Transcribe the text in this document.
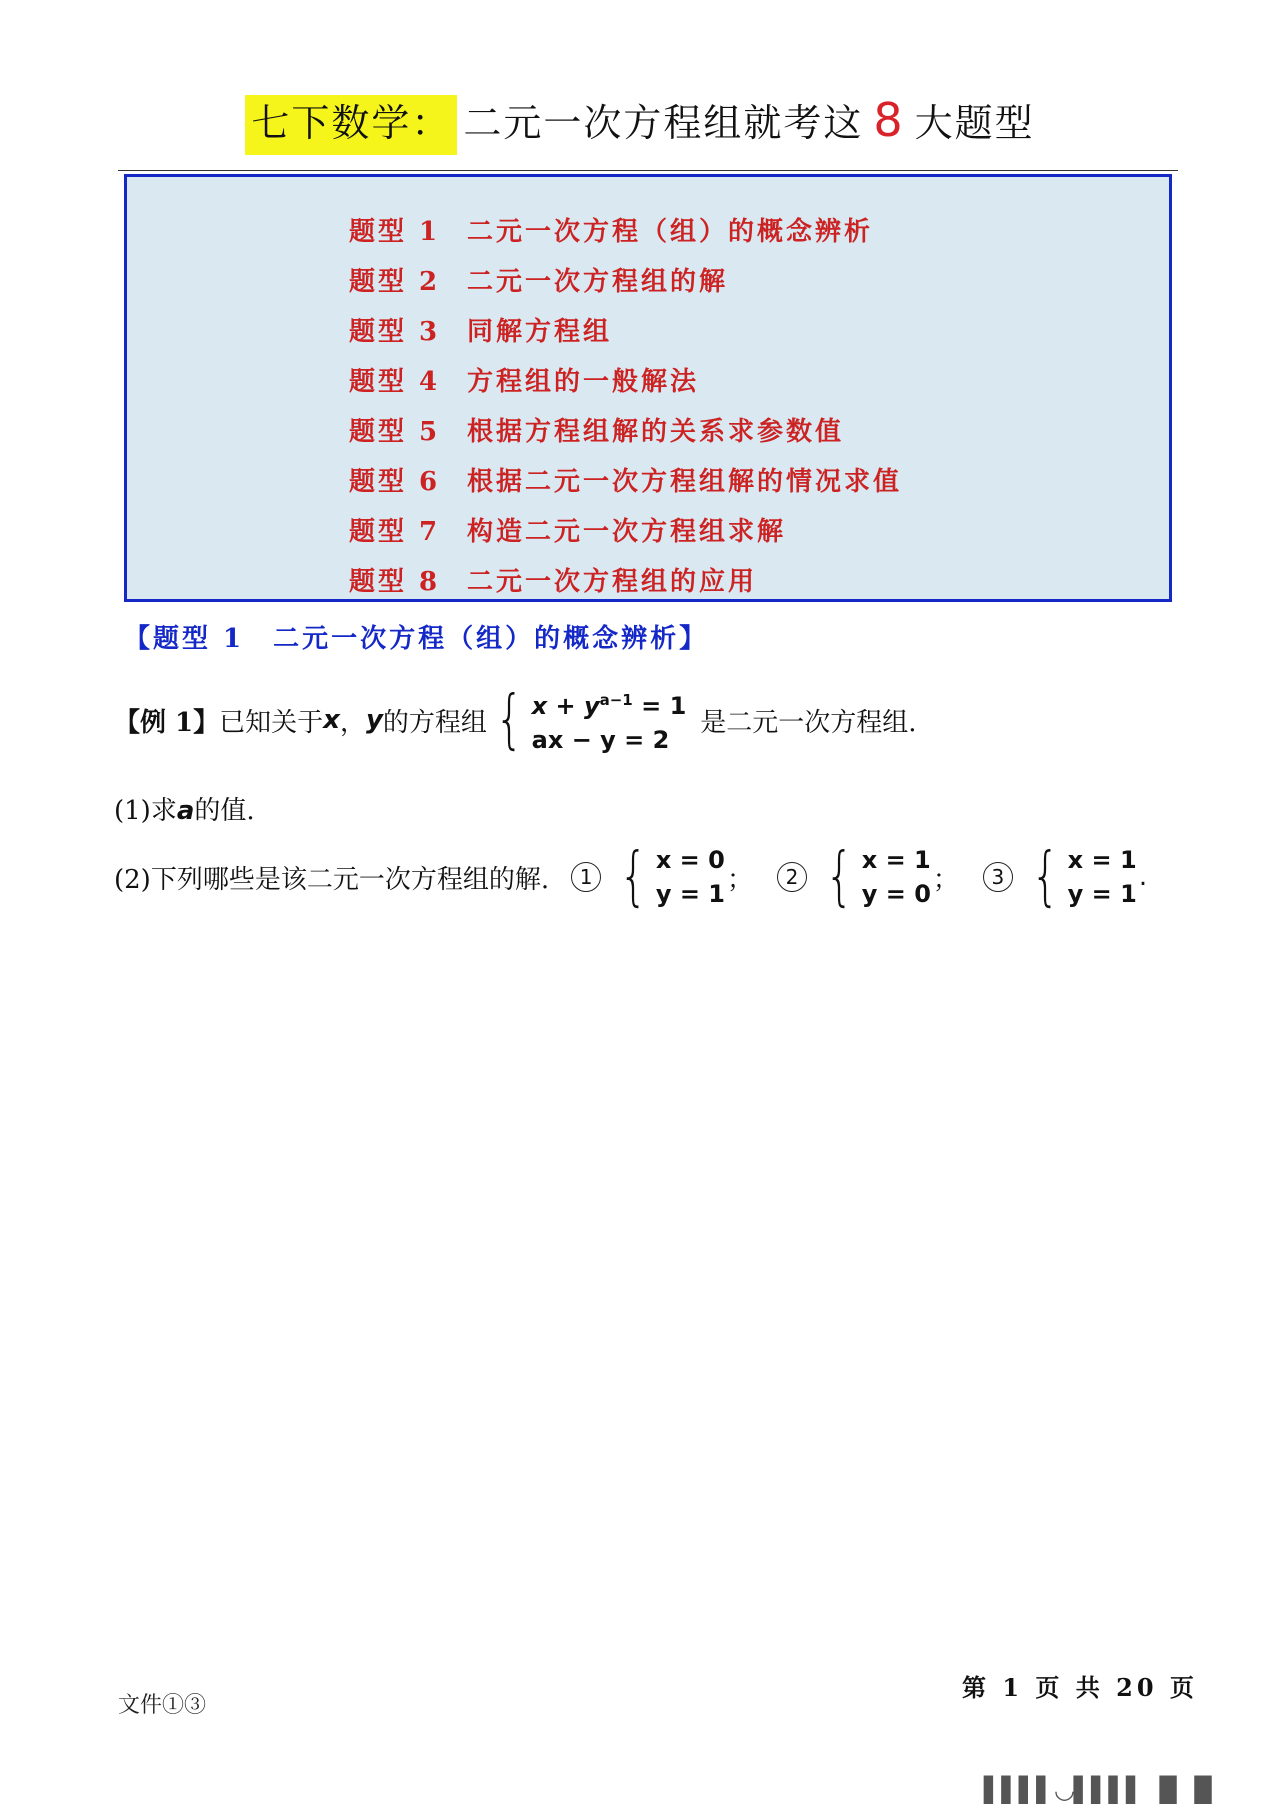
七下数学： 二元一次方程组就考这 8 大题型
题型 1 二元一次方程（组）的概念辨析
题型 2 二元一次方程组的解
题型 3 同解方程组
题型 4 方程组的一般解法
题型 5 根据方程组解的关系求参数值
题型 6 根据二元一次方程组解的情况求值
题型 7 构造二元一次方程组求解
题型 8 二元一次方程组的应用
【题型 1　二元一次方程（组）的概念辨析】
【例 1】 已知关于 x ， y 的方程组 { $x + y^{a-1} = 1$
ax − y = 2
是二元一次方程组.
(1)求a的值.
(2)下列哪些是该二元一次方程组的解.	1 { x = 0
y = 1 ；	2 { x = 1
y = 0 ；	3 { x = 1
y = 1
.
第 1 页 共 20 页
文件①③
▌▌▌▌◡▌▌▌▌ ▐▌▐▌
